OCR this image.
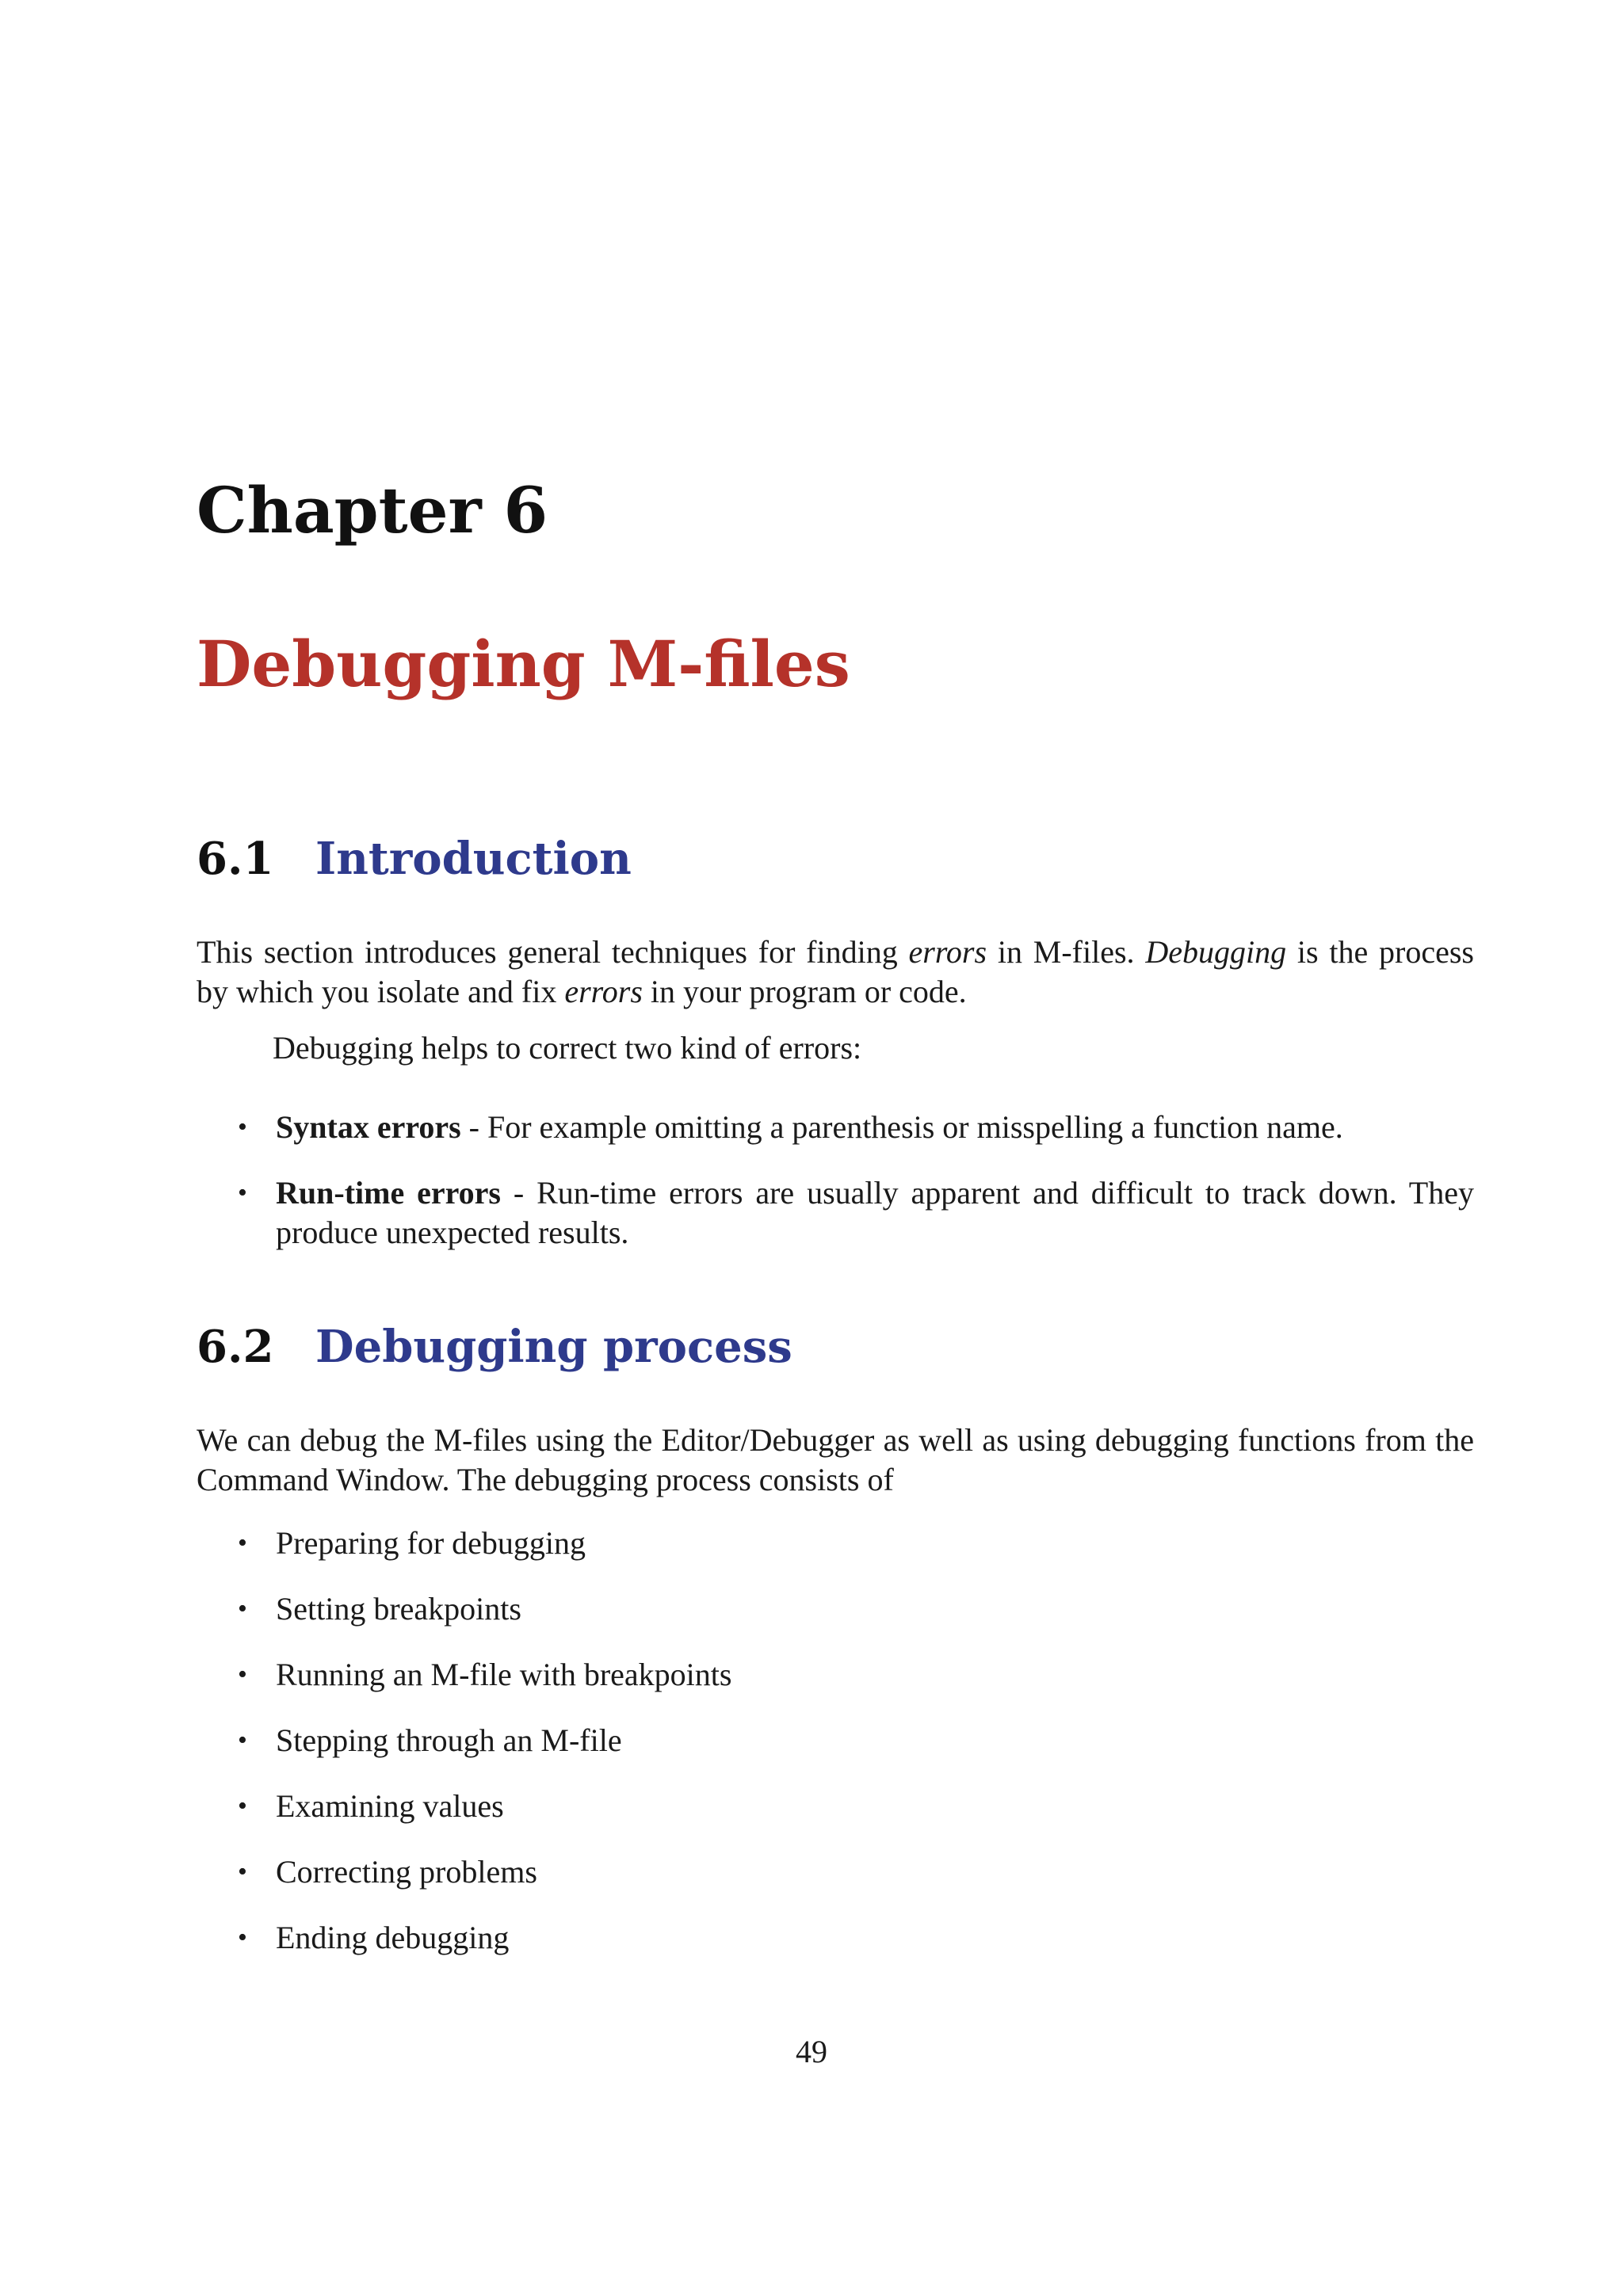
Chapter 6
Debugging M-files
6.1 Introduction

This section introduces general techniques for finding errors in M-files. Debugging is the process by which you isolate and fix errors in your program or code.

Debugging helps to correct two kind of errors:

• Syntax errors - For example omitting a parenthesis or misspelling a function name.
• Run-time errors - Run-time errors are usually apparent and difficult to track down. They produce unexpected results.
6.2 Debugging process

We can debug the M-files using the Editor/Debugger as well as using debugging functions from the Command Window. The debugging process consists of

• Preparing for debugging
• Setting breakpoints
• Running an M-file with breakpoints
• Stepping through an M-file
• Examining values
• Correcting problems
• Ending debugging

49
